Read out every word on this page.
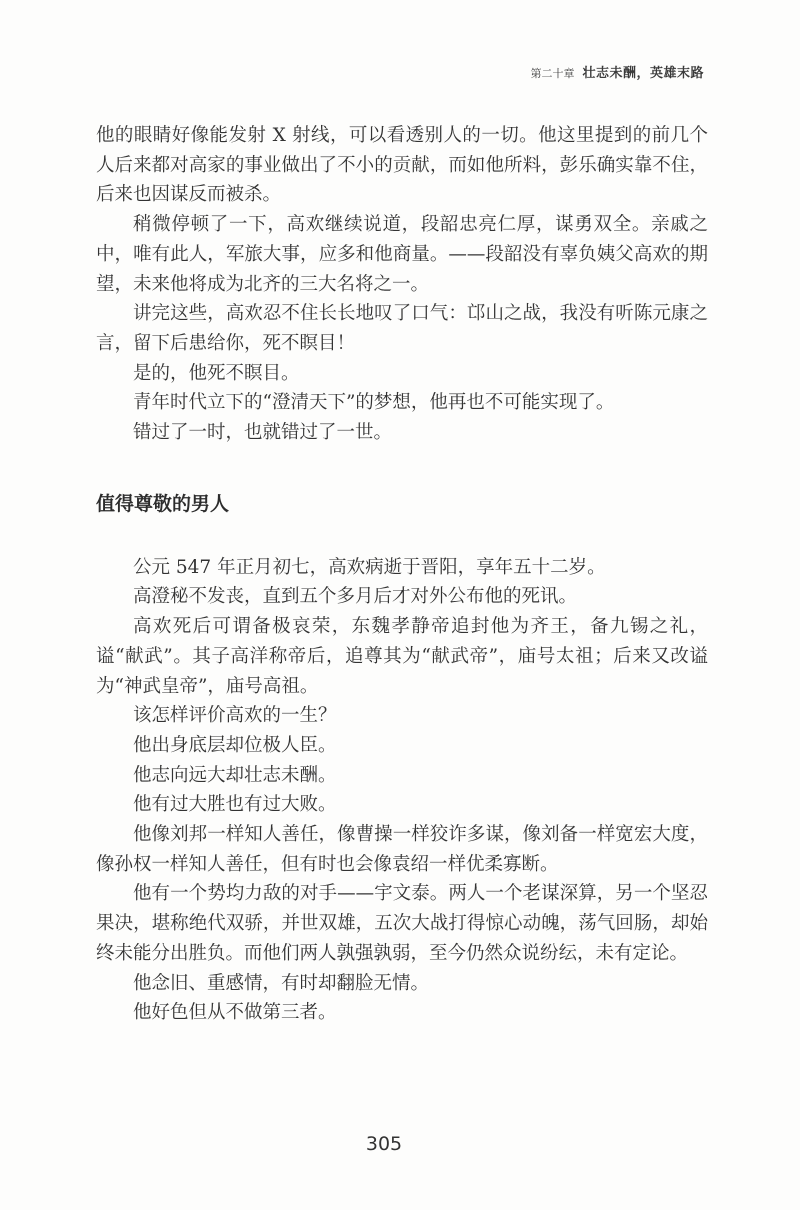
第二十章 壮志未酬，英雄末路

他的眼睛好像能发射 X 射线，可以看透别人的一切。他这里提到的前几个人后来都对高家的事业做出了不小的贡献，而如他所料，彭乐确实靠不住，后来也因谋反而被杀。

稍微停顿了一下，高欢继续说道，段韶忠亮仁厚，谋勇双全。亲戚之中，唯有此人，军旅大事，应多和他商量。——段韶没有辜负姨父高欢的期望，未来他将成为北齐的三大名将之一。

讲完这些，高欢忍不住长长地叹了口气：邙山之战，我没有听陈元康之言，留下后患给你，死不瞑目！

是的，他死不瞑目。

青年时代立下的“澄清天下”的梦想，他再也不可能实现了。

错过了一时，也就错过了一世。

值得尊敬的男人

公元 547 年正月初七，高欢病逝于晋阳，享年五十二岁。

高澄秘不发丧，直到五个多月后才对外公布他的死讯。

高欢死后可谓备极哀荣，东魏孝静帝追封他为齐王，备九锡之礼，谥“献武”。其子高洋称帝后，追尊其为“献武帝”，庙号太祖；后来又改谥为“神武皇帝”，庙号高祖。

该怎样评价高欢的一生？

他出身底层却位极人臣。

他志向远大却壮志未酬。

他有过大胜也有过大败。

他像刘邦一样知人善任，像曹操一样狡诈多谋，像刘备一样宽宏大度，像孙权一样知人善任，但有时也会像袁绍一样优柔寡断。

他有一个势均力敌的对手——宇文泰。两人一个老谋深算，另一个坚忍果决，堪称绝代双骄，并世双雄，五次大战打得惊心动魄，荡气回肠，却始终未能分出胜负。而他们两人孰强孰弱，至今仍然众说纷纭，未有定论。

他念旧、重感情，有时却翻脸无情。

他好色但从不做第三者。

305
